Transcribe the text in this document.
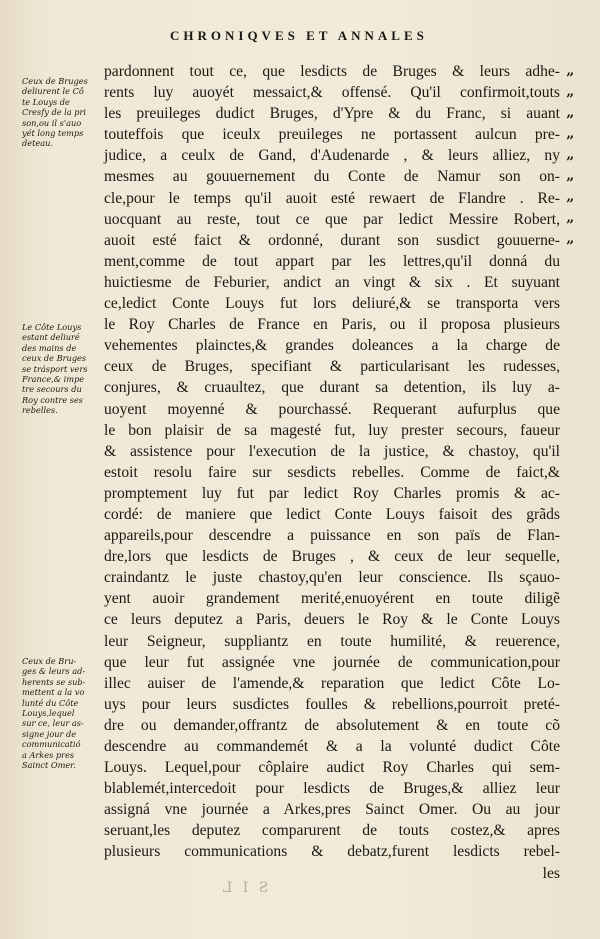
CHRONIQVES ET ANNALES
Ceux de Bruges
deliurent le Cô
te Louys de
Cresfy de la pri
son,ou il s'auo
yét long temps
deteau.
Le Côte Louys
estant deliuré
des mains de
ceux de Bruges
se trásport vers
France,& impe
tre secours du
Roy contre ses
rebelles.
Ceux de Bru-
ges & leurs ad-
herents se sub-
mettent a la vo
lunté du Côte
Louys,lequel
sur ce, leur as-
signe jour de
communicatió
a Arkes pres
Sainct Omer.
pardonnent tout ce, que lesdicts de Bruges & leurs adhe-
rents luy auoyét messaict,& offensé. Qu'il confirmoit,touts
les preuileges dudict Bruges, d'Ypre & du Franc, si auant
touteffois que iceulx preuileges ne portassent aulcun pre-
judice, a ceulx de Gand, d'Audenarde , & leurs alliez, ny
mesmes au gouuernement du Conte de Namur son on-
cle,pour le temps qu'il auoit esté rewaert de Flandre . Re-
uocquant au reste, tout ce que par ledict Messire Robert,
auoit esté faict & ordonné, durant son susdict gouuerne-
ment,comme de tout appart par les lettres,qu'il donná du
huictiesme de Feburier, andict an vingt & six . Et suyuant
ce,ledict Conte Louys fut lors deliuré,& se transporta vers
le Roy Charles de France en Paris, ou il proposa plusieurs
vehementes plainctes,& grandes doleances a la charge de
ceux de Bruges, specifiant & particularisant les rudesses,
conjures, & cruaultez, que durant sa detention, ils luy a-
uoyent moyenné & pourchassé. Requerant aufurplus que
le bon plaisir de sa magesté fut, luy prester secours, faueur
& assistence pour l'execution de la justice, & chastoy, qu'il
estoit resolu faire sur sesdicts rebelles. Comme de faict,&
promptement luy fut par ledict Roy Charles promis & ac-
cordé: de maniere que ledict Conte Louys faisoit des grãds
appareils,pour descendre a puissance en son païs de Flan-
dre,lors que lesdicts de Bruges , & ceux de leur sequelle,
craindantz le juste chastoy,qu'en leur conscience. Ils sçauo-
yent auoir grandement merité,enuoyérent en toute diligẽ
ce leurs deputez a Paris, deuers le Roy & le Conte Louys
leur Seigneur, suppliantz en toute humilité, & reuerence,
que leur fut assignée vne journée de communication,pour
illec auiser de l'amende,& reparation que ledict Côte Lo-
uys pour leurs susdictes foulles & rebellions,pourroit preté-
dre ou demander,offrantz de absolutement & en toute cõ
descendre au commandemét & a la volunté dudict Côte
Louys. Lequel,pour côplaire audict Roy Charles qui sem-
blablemét,intercedoit pour lesdicts de Bruges,& alliez leur
assigná vne journée a Arkes,pres Sainct Omer. Ou au jour
seruant,les deputez comparurent de touts costez,& apres
plusieurs communications & debatz,furent lesdicts rebel-
les
”
”
”
”
”
”
”
”
”
S I L
